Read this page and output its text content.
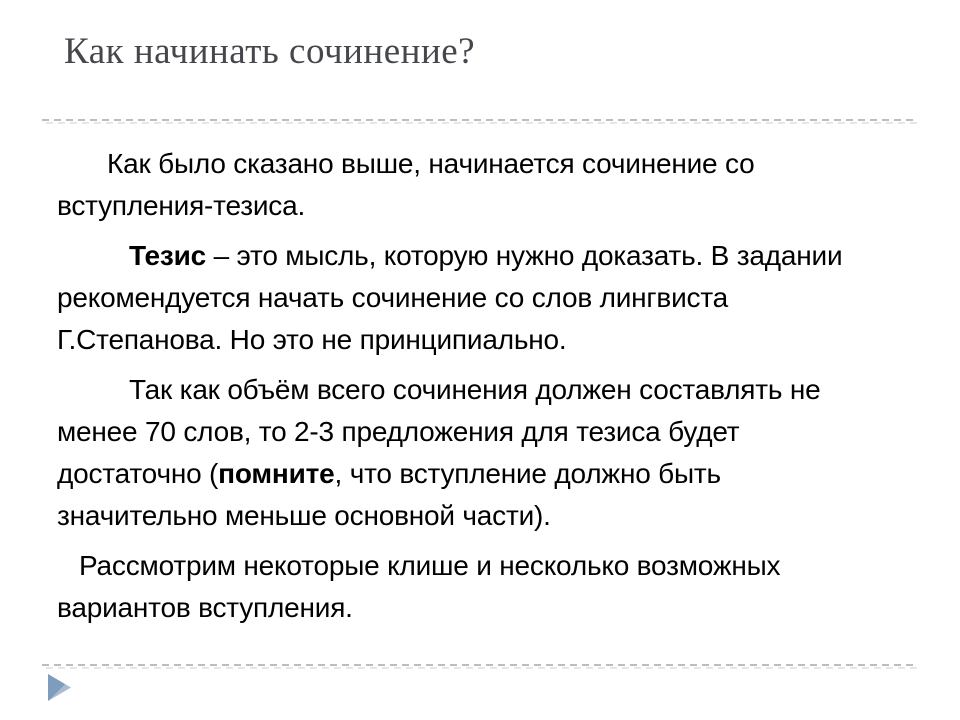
Как начинать сочинение?
Как было сказано выше, начинается сочинение со
вступления-тезиса.
Тезис – это мысль, которую нужно доказать. В задании
рекомендуется начать сочинение со слов лингвиста
Г.Степанова. Но это не принципиально.
Так как объём всего сочинения должен составлять не
менее 70 слов, то 2-3 предложения для тезиса будет
достаточно (помните, что вступление должно быть
значительно меньше основной части).
Рассмотрим некоторые клише и несколько возможных
вариантов вступления.
